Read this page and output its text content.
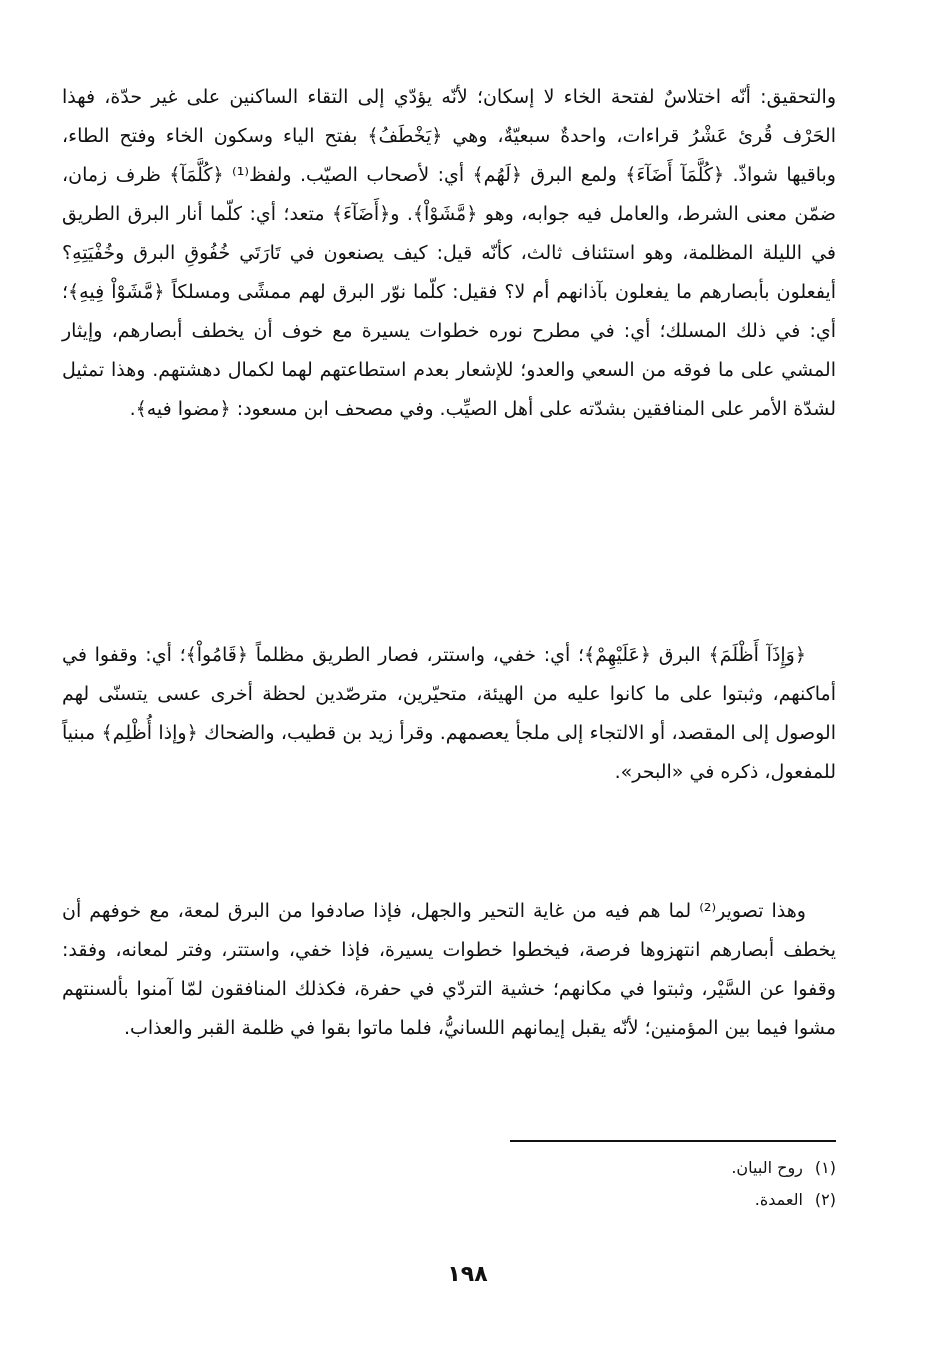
والتحقيق: أنّه اختلاسٌ لفتحة الخاء لا إسكان؛ لأنّه يؤدّي إلى التقاء الساكنين على غير حدّة، فهذا الحَرْف قُرئ عَشْرُ قراءات، واحدةٌ سبعيّةٌ، وهي ﴿يَخْطَفُ﴾ بفتح الياء وسكون الخاء وفتح الطاء، وباقيها شواذّ. ﴿كُلَّمَآ أَضَآءَ﴾ ولمع البرق ﴿لَهُم﴾ أي: لأصحاب الصيّب. ولفظ⁽¹⁾ ﴿كُلَّمَآ﴾ ظرف زمان، ضمّن معنى الشرط، والعامل فيه جوابه، وهو ﴿مَّشَوْاْ﴾. و﴿أَضَآءَ﴾ متعد؛ أي: كلّما أنار البرق الطريق في الليلة المظلمة، وهو استئناف ثالث، كأنّه قيل: كيف يصنعون في تَارَتَي خُفُوقِ البرق وخُفْيَتِهِ؟ أيفعلون بأبصارهم ما يفعلون بآذانهم أم لا؟ فقيل: كلّما نوّر البرق لهم ممشًى ومسلكاً ﴿مَّشَوْاْ فِيهِ﴾؛ أي: في ذلك المسلك؛ أي: في مطرح نوره خطوات يسيرة مع خوف أن يخطف أبصارهم، وإيثار المشي على ما فوقه من السعي والعدو؛ للإشعار بعدم استطاعتهم لهما لكمال دهشتهم. وهذا تمثيل لشدّة الأمر على المنافقين بشدّته على أهل الصيِّب. وفي مصحف ابن مسعود: ﴿مضوا فيه﴾.

﴿وَإِذَآ أَظْلَمَ﴾ البرق ﴿عَلَيْهِمْ﴾؛ أي: خفي، واستتر، فصار الطريق مظلماً ﴿قَامُواْ﴾؛ أي: وقفوا في أماكنهم، وثبتوا على ما كانوا عليه من الهيئة، متحيّرين، مترصّدين لحظة أخرى عسى يتسنّى لهم الوصول إلى المقصد، أو الالتجاء إلى ملجأ يعصمهم. وقرأ زيد بن قطيب، والضحاك ﴿وإذا أُظْلِم﴾ مبنياً للمفعول، ذكره في «البحر».

وهذا تصوير⁽²⁾ لما هم فيه من غاية التحير والجهل، فإذا صادفوا من البرق لمعة، مع خوفهم أن يخطف أبصارهم انتهزوها فرصة، فيخطوا خطوات يسيرة، فإذا خفي، واستتر، وفتر لمعانه، وفقد: وقفوا عن السَّيْر، وثبتوا في مكانهم؛ خشية التردّي في حفرة، فكذلك المنافقون لمّا آمنوا بألسنتهم مشوا فيما بين المؤمنين؛ لأنّه يقبل إيمانهم اللسانيُّ، فلما ماتوا بقوا في ظلمة القبر والعذاب.

(١)روح البيان.
(٢)العمدة.
١٩٨
